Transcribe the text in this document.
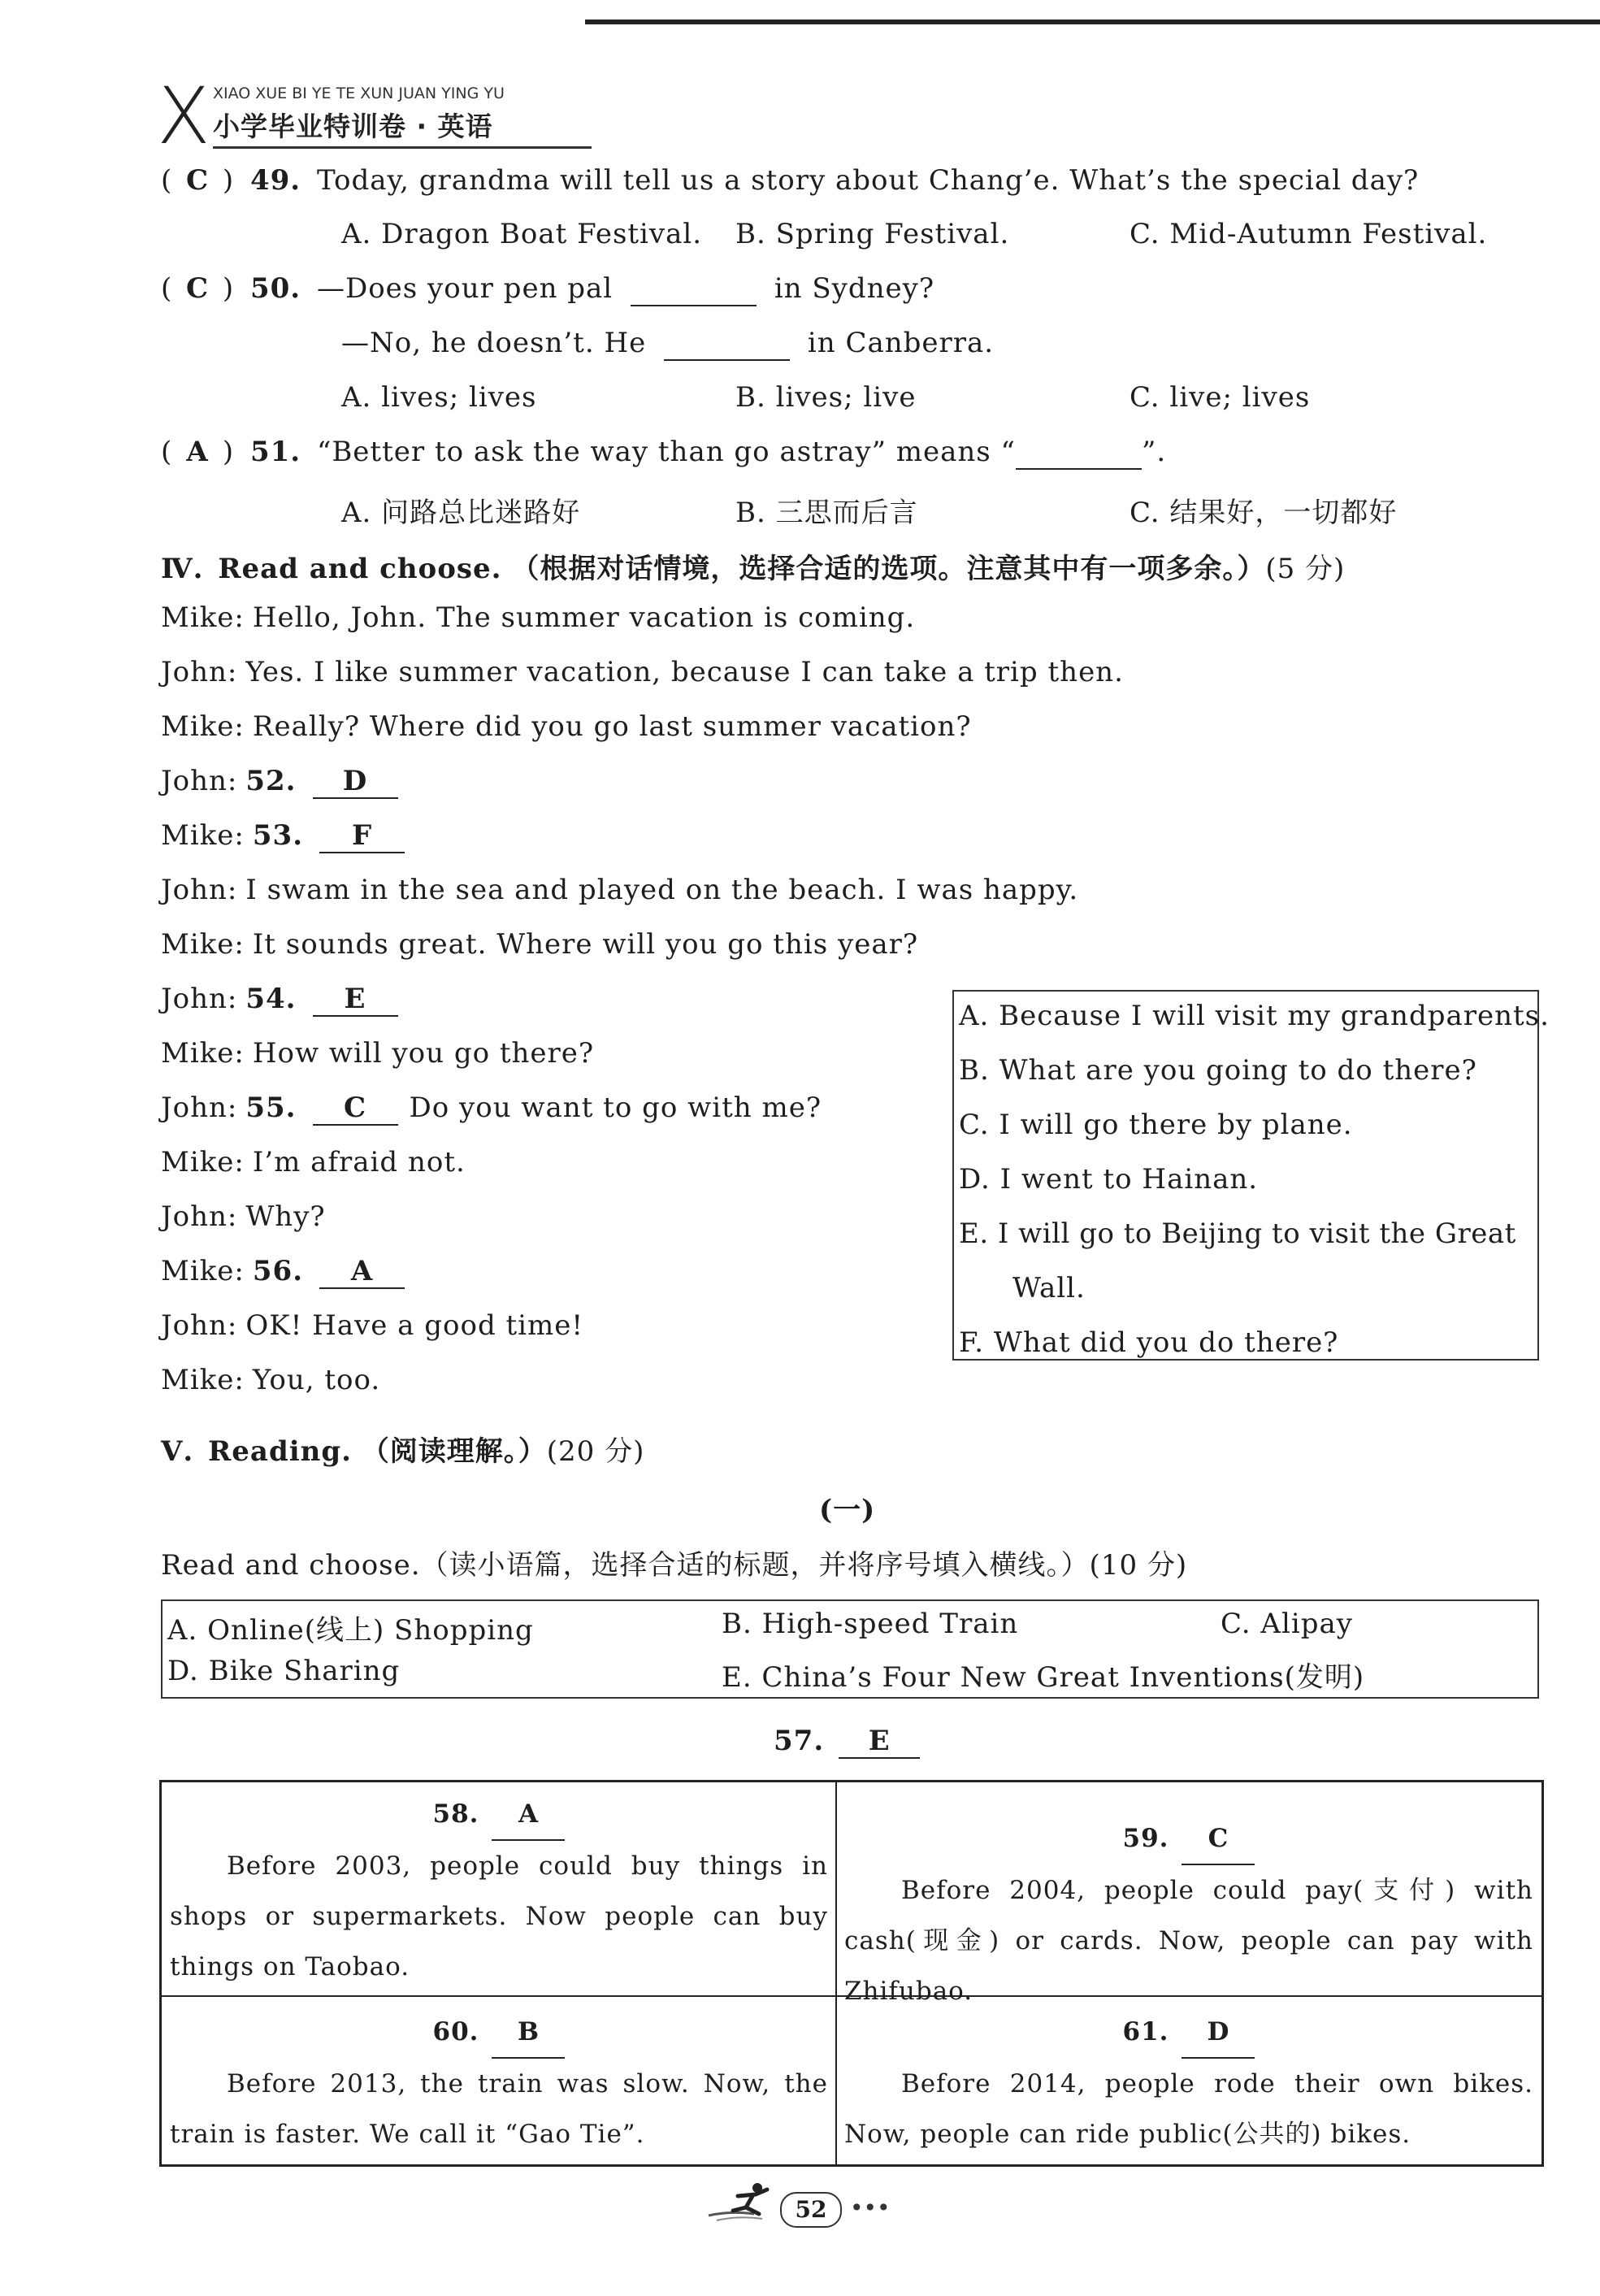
X XIAO XUE BI YE TE XUN JUAN YING YU
小学毕业特训卷 · 英语
( C ) 49. Today, grandma will tell us a story about Chang’e. What’s the special day?
A. Dragon Boat Festival. B. Spring Festival.	C. Mid-Autumn Festival.
( C ) 50. —Does your pen pal	in Sydney?
—No, he doesn’t. He	in Canberra.
A. lives; lives	B. lives; live	C. live; lives
( A ) 51. “Better to ask the way than go astray” means “	”.
A. 问路总比迷路好	B. 三思而后言	C. 结果好，一切都好
Ⅳ. Read and choose. （根据对话情境，选择合适的选项。注意其中有一项多余。）(5 分)
Mike: Hello, John. The summer vacation is coming.
John: Yes. I like summer vacation, because I can take a trip then.
Mike: Really? Where did you go last summer vacation?
John: 52. D
Mike: 53. F
John: I swam in the sea and played on the beach. I was happy.
Mike: It sounds great. Where will you go this year?
John: 54. E
Mike: How will you go there?
John: 55. C Do you want to go with me?
Mike: I’m afraid not.
John: Why?
Mike: 56. A
John: OK! Have a good time!
Mike: You, too.
A. Because I will visit my grandparents.
B. What are you going to do there?
C. I will go there by plane.
D. I went to Hainan.
E. I will go to Beijing to visit the Great
Wall.
F. What did you do there?
Ⅴ. Reading. （阅读理解。）(20 分)
(一)
Read and choose.（读小语篇，选择合适的标题，并将序号填入横线。）(10 分)
A. Online(线上) Shopping	B. High-speed Train	C. Alipay
D. Bike Sharing	E. China’s Four New Great Inventions(发明)
57. E
58. A

Before 2003, people could buy things in shops or supermarkets. Now people can buy things on Taobao.

59. C

Before 2004, people could pay(支付) with cash(现金) or cards. Now, people can pay with Zhifubao.

60. B

Before 2013, the train was slow. Now, the train is faster. We call it “Gao Tie”.

61. D

Before 2014, people rode their own bikes. Now, people can ride public(公共的) bikes.

52	•••
